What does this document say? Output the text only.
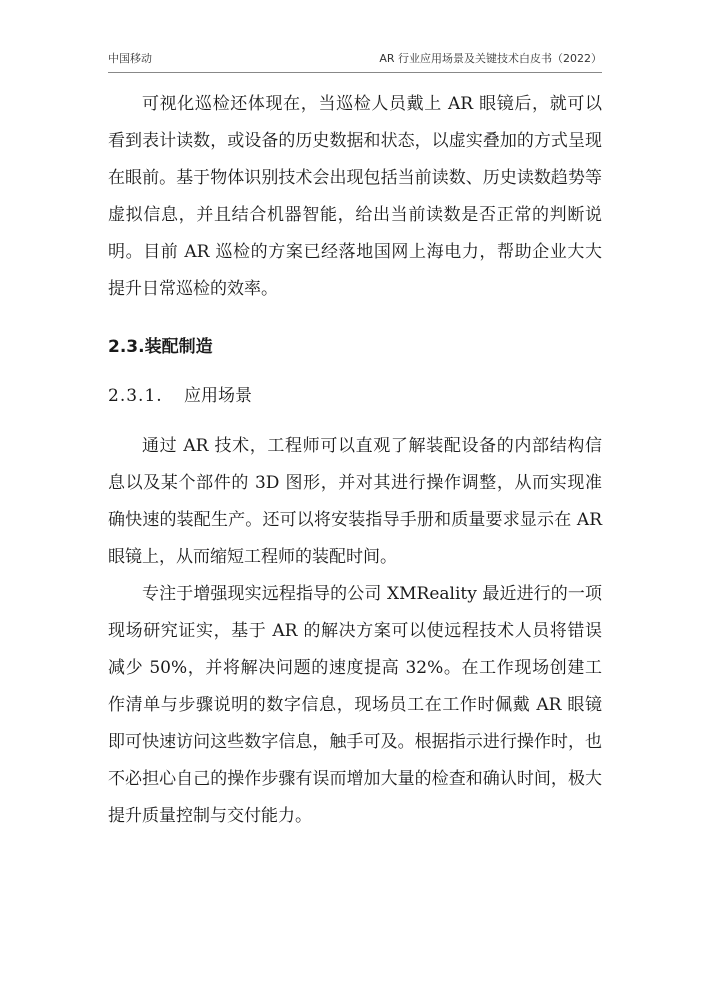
中国移动	AR 行业应用场景及关键技术白皮书（2022）

可视化巡检还体现在，当巡检人员戴上 AR 眼镜后，就可以看到表计读数，或设备的历史数据和状态，以虚实叠加的方式呈现在眼前。基于物体识别技术会出现包括当前读数、历史读数趋势等虚拟信息，并且结合机器智能，给出当前读数是否正常的判断说明。目前 AR 巡检的方案已经落地国网上海电力，帮助企业大大提升日常巡检的效率。

2.3.装配制造
2.3.1.	应用场景

通过 AR 技术，工程师可以直观了解装配设备的内部结构信息以及某个部件的 3D 图形，并对其进行操作调整，从而实现准确快速的装配生产。还可以将安装指导手册和质量要求显示在 AR 眼镜上，从而缩短工程师的装配时间。

专注于增强现实远程指导的公司 XMReality 最近进行的一项现场研究证实，基于 AR 的解决方案可以使远程技术人员将错误减少 50%，并将解决问题的速度提高 32%。在工作现场创建工作清单与步骤说明的数字信息，现场员工在工作时佩戴 AR 眼镜即可快速访问这些数字信息，触手可及。根据指示进行操作时，也不必担心自己的操作步骤有误而增加大量的检查和确认时间，极大提升质量控制与交付能力。
